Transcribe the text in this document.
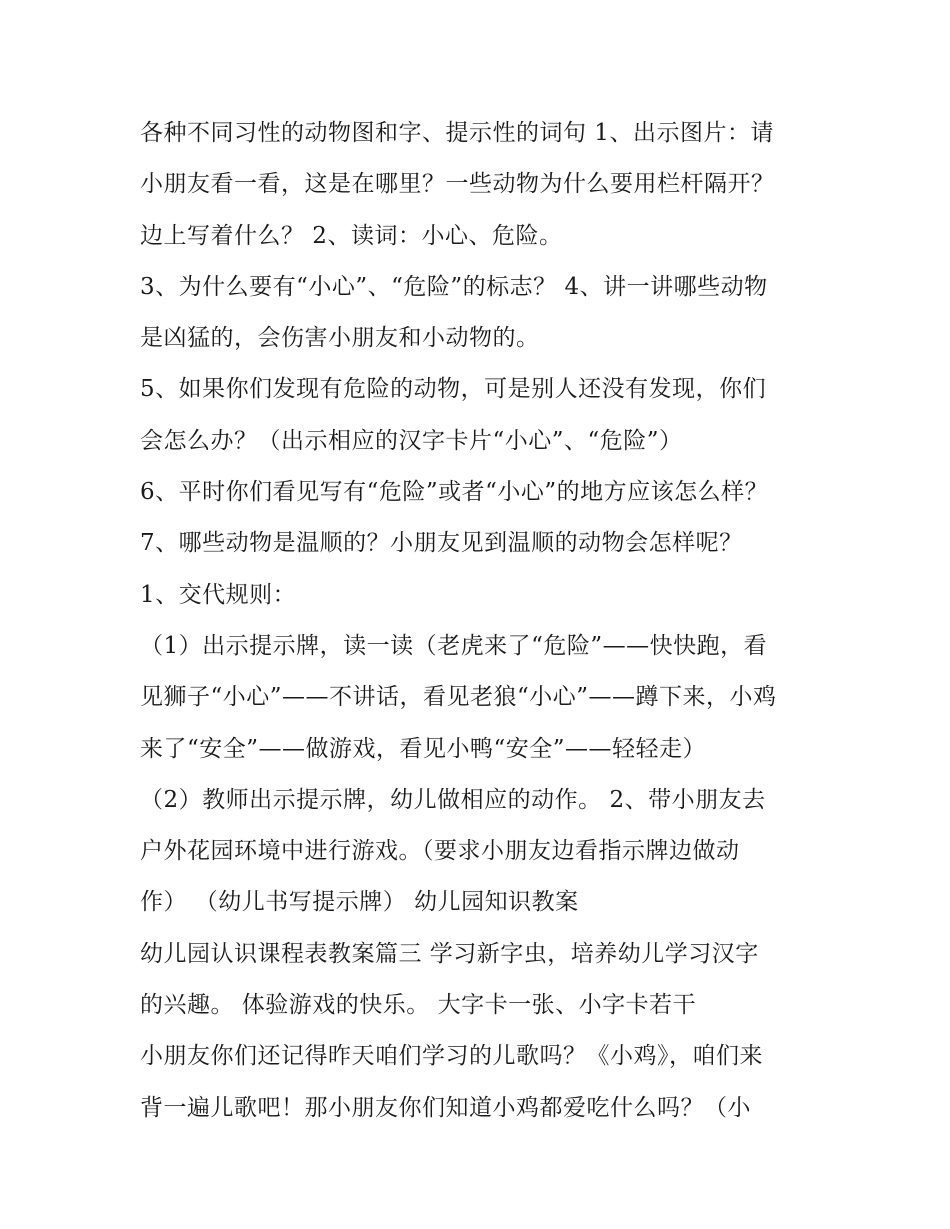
各种不同习性的动物图和字、提示性的词句 1、出示图片：请
小朋友看一看，这是在哪里？一些动物为什么要用栏杆隔开？
边上写着什么？ 2、读词：小心、危险。
3、为什么要有“小心”、“危险”的标志？ 4、讲一讲哪些动物
是凶猛的，会伤害小朋友和小动物的。
5、如果你们发现有危险的动物，可是别人还没有发现，你们
会怎么办？（出示相应的汉字卡片“小心”、“危险”）
6、平时你们看见写有“危险”或者“小心”的地方应该怎么样？
7、哪些动物是温顺的？小朋友见到温顺的动物会怎样呢？
1、交代规则：
（1）出示提示牌，读一读（老虎来了“危险”——快快跑，看
见狮子“小心”——不讲话，看见老狼“小心”——蹲下来，小鸡
来了“安全”——做游戏，看见小鸭“安全”——轻轻走）
（2）教师出示提示牌，幼儿做相应的动作。 2、带小朋友去
户外花园环境中进行游戏。（要求小朋友边看指示牌边做动
作） （幼儿书写提示牌） 幼儿园知识教案
幼儿园认识课程表教案篇三 学习新字虫，培养幼儿学习汉字
的兴趣。 体验游戏的快乐。 大字卡一张、小字卡若干
小朋友你们还记得昨天咱们学习的儿歌吗？《小鸡》，咱们来
背一遍儿歌吧！那小朋友你们知道小鸡都爱吃什么吗？（小
